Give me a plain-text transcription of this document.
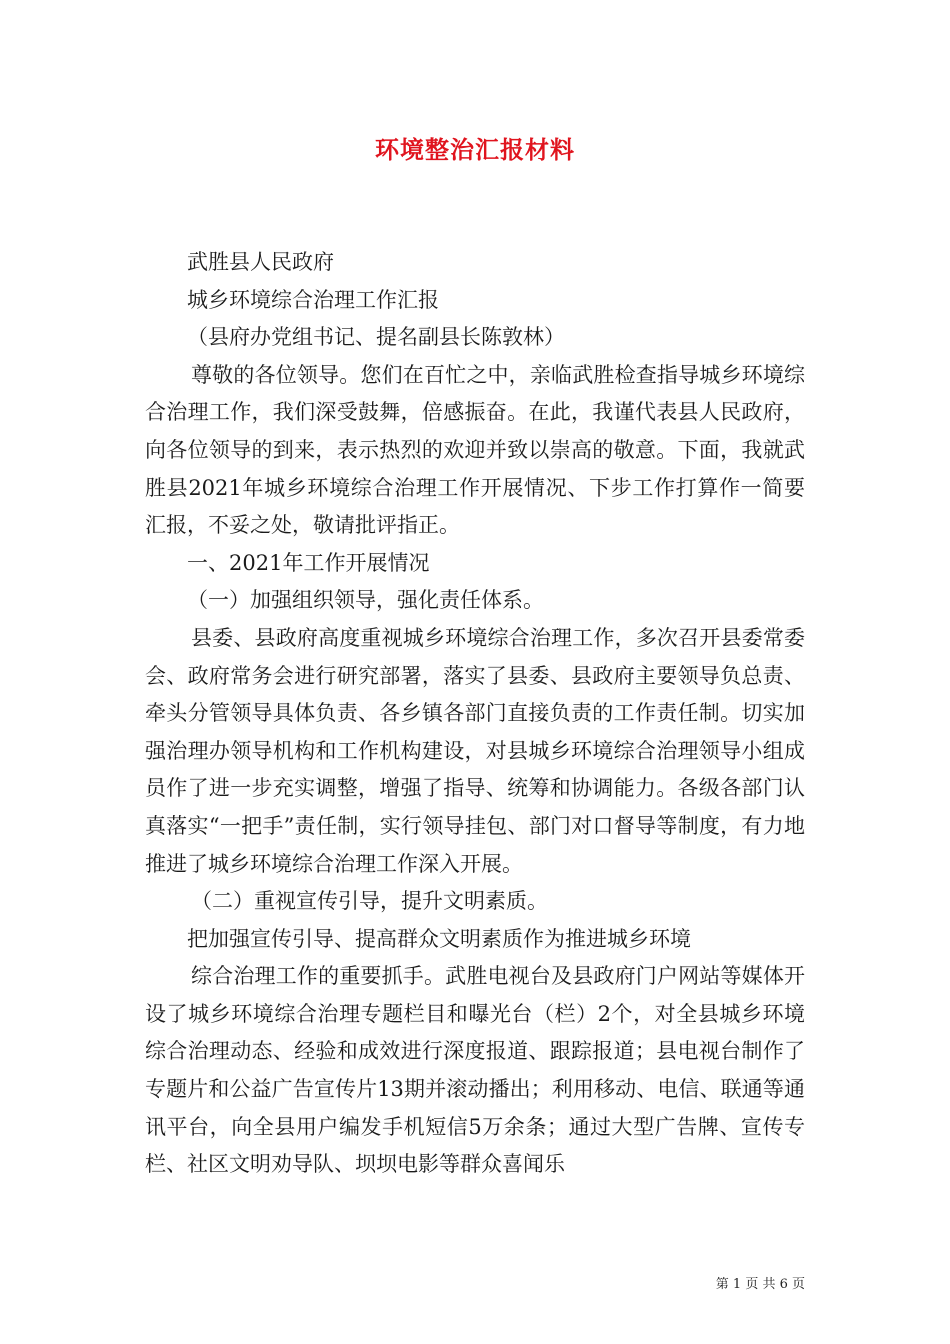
环境整治汇报材料

武胜县人民政府

城乡环境综合治理工作汇报

（县府办党组书记、提名副县长陈敦林）

尊敬的各位领导。您们在百忙之中，亲临武胜检查指导城乡环境综合治理工作，我们深受鼓舞，倍感振奋。在此，我谨代表县人民政府，向各位领导的到来，表示热烈的欢迎并致以崇高的敬意。下面，我就武胜县2021年城乡环境综合治理工作开展情况、下步工作打算作一简要汇报，不妥之处，敬请批评指正。

一、2021年工作开展情况

（一）加强组织领导，强化责任体系。

县委、县政府高度重视城乡环境综合治理工作，多次召开县委常委会、政府常务会进行研究部署，落实了县委、县政府主要领导负总责、牵头分管领导具体负责、各乡镇各部门直接负责的工作责任制。切实加强治理办领导机构和工作机构建设，对县城乡环境综合治理领导小组成员作了进一步充实调整，增强了指导、统筹和协调能力。各级各部门认真落实“一把手”责任制，实行领导挂包、部门对口督导等制度，有力地推进了城乡环境综合治理工作深入开展。

（二）重视宣传引导，提升文明素质。

把加强宣传引导、提高群众文明素质作为推进城乡环境

综合治理工作的重要抓手。武胜电视台及县政府门户网站等媒体开设了城乡环境综合治理专题栏目和曝光台（栏）2个，对全县城乡环境综合治理动态、经验和成效进行深度报道、跟踪报道；县电视台制作了专题片和公益广告宣传片13期并滚动播出；利用移动、电信、联通等通讯平台，向全县用户编发手机短信5万余条；通过大型广告牌、宣传专栏、社区文明劝导队、坝坝电影等群众喜闻乐

第 1 页 共 6 页
